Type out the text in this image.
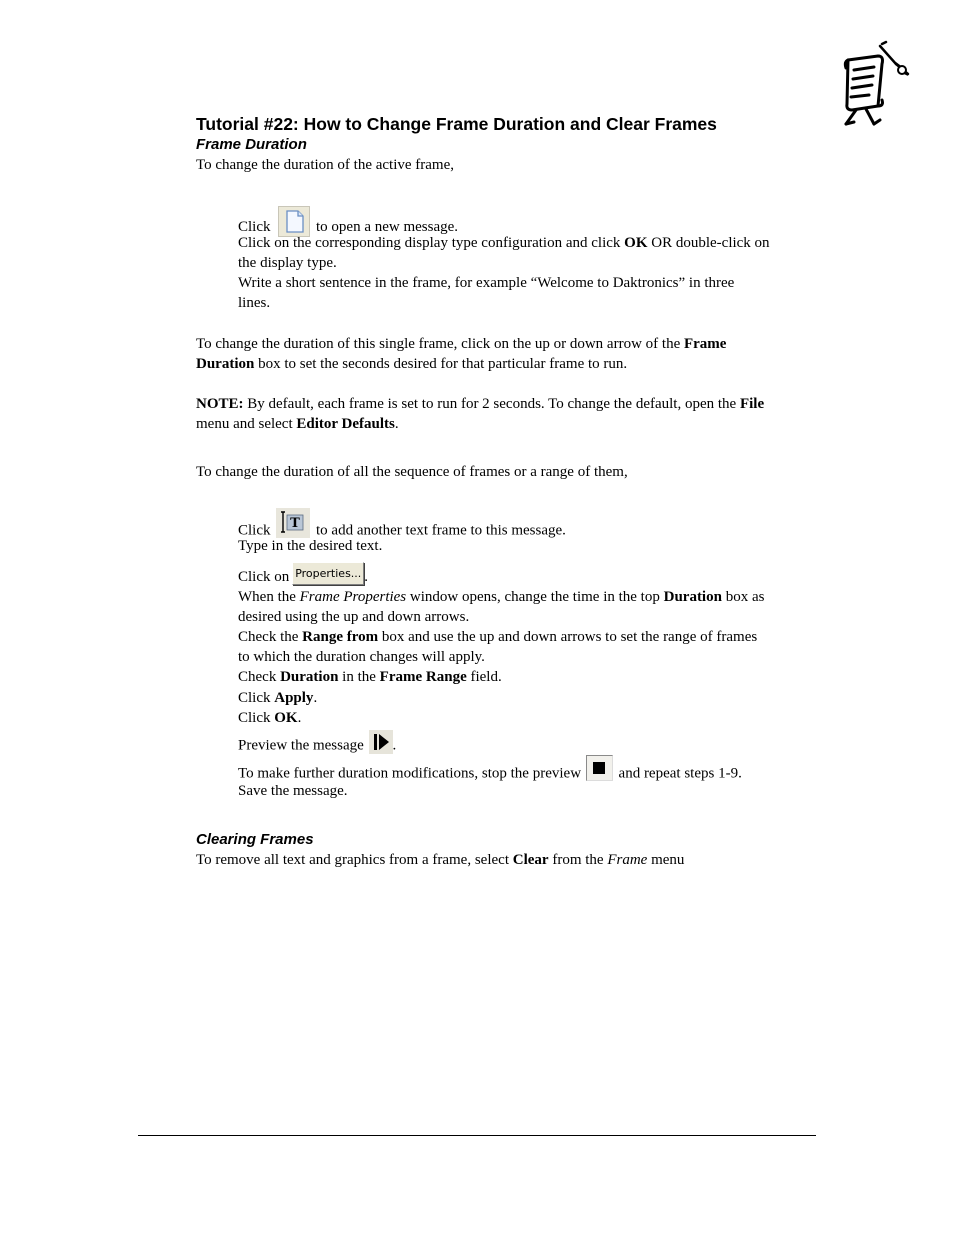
Tutorial #22: How to Change Frame Duration and Clear Frames
Frame Duration
To change the duration of the active frame,
Click	to open a new message.
Click on the corresponding display type configuration and click OK OR double-click on
the display type.
Write a short sentence in the frame, for example “Welcome to Daktronics” in three
lines.
To change the duration of this single frame, click on the up or down arrow of the Frame
Duration box to set the seconds desired for that particular frame to run.
NOTE: By default, each frame is set to run for 2 seconds. To change the default, open the File
menu and select Editor Defaults.
To change the duration of all the sequence of frames or a range of them,
Click T to add another text frame to this message.
Type in the desired text.
Click on Properties... .
When the Frame Properties window opens, change the time in the top Duration box as
desired using the up and down arrows.
Check the Range from box and use the up and down arrows to set the range of frames
to which the duration changes will apply.
Check Duration in the Frame Range field.
Click Apply.
Click OK.
Preview the message .
To make further duration modifications, stop the preview	and repeat steps 1-9.
Save the message.
Clearing Frames
To remove all text and graphics from a frame, select Clear from the Frame menu
